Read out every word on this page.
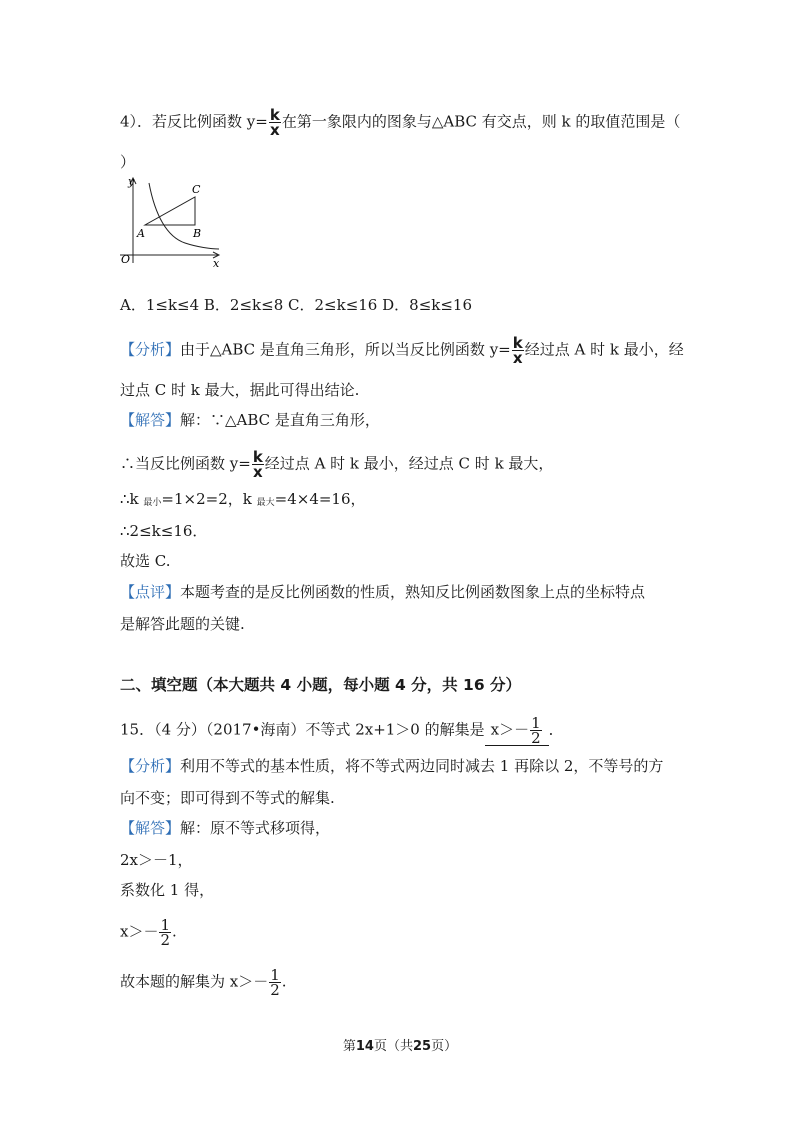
4）．若反比例函数 $y= \frac{k}{x}$ 在第一象限内的图象与△ABC 有交点，则 k 的取值范围是（
）
y
x
O
A	B
C
A．1≤k≤4 B．2≤k≤8 C．2≤k≤16 D．8≤k≤16
【分析】由于△ABC 是直角三角形，所以当反比例函数 $y= \frac{k}{x}$ 经过点 A 时 k 最小，经
过点 C 时 k 最大，据此可得出结论.
【解答】解：∵△ABC 是直角三角形，
∴当反比例函数 $y= \frac{k}{x}$ 经过点 A 时 k 最小，经过点 C 时 k 最大，
∴k $_{最小}$=1×2=2，k $_{最大}$=4×4=16，
∴2≤k≤16．
故选 C.
【点评】本题考查的是反比例函数的性质，熟知反比例函数图象上点的坐标特点
是解答此题的关键.
二、填空题（本大题共 4 小题，每小题 4 分，共 16 分）
15．（4 分）（2017•海南）不等式 2x+1＞0 的解集是 $x>- \frac{1}{2}$ ．
【分析】利用不等式的基本性质，将不等式两边同时减去 1 再除以 2，不等号的方
向不变；即可得到不等式的解集.
【解答】解：原不等式移项得，
2x＞－1，
系数化 1 得，
$x>- \frac{1}{2}$ .
故本题的解集为 $x>- \frac{1}{2}$ .
第14页（共25页）
